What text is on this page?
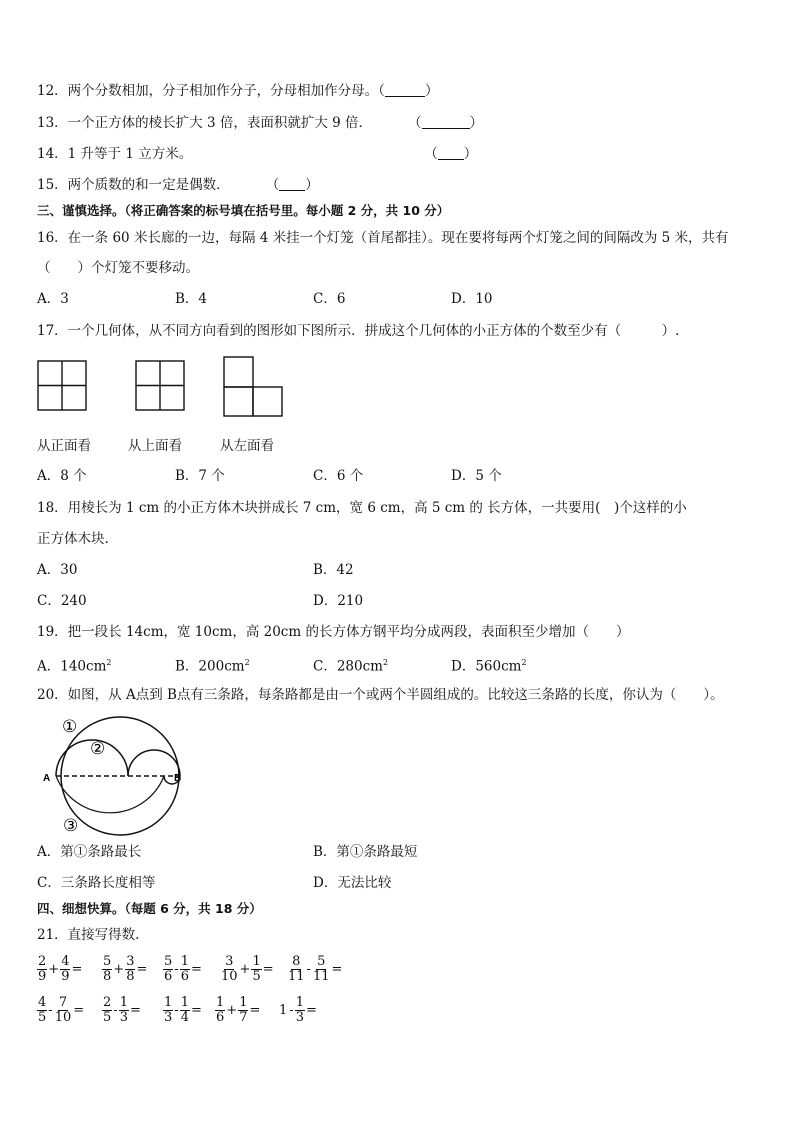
12．两个分数相加，分子相加作分子，分母相加作分母。（	）
13．一个正方体的棱长扩大 3 倍，表面积就扩大 9 倍．	（	）
14．1 升等于 1 立方米。	（ ）
15．两个质数的和一定是偶数．	（ ）
三、谨慎选择。（将正确答案的标号填在括号里。每小题 2 分，共 10 分）
16．在一条 60 米长廊的一边，每隔 4 米挂一个灯笼（首尾都挂）。现在要将每两个灯笼之间的间隔改为 5 米，共有
（　　）个灯笼不要移动。
A．3	B．4	C．6	D．10
17．一个几何体，从不同方向看到的图形如下图所示．拼成这个几何体的小正方体的个数至少有（　　　）.
从正面看	从上面看	从左面看
A．8 个	B．7 个	C．6 个	D．5 个
18．用棱长为 1 cm 的小正方体木块拼成长 7 cm，宽 6 cm，高 5 cm 的 长方体，一共要用(　)个这样的小
正方体木块.
A．30	B．42
C．240	D．210
19．把一段长 14cm，宽 10cm，高 20cm 的长方体方钢平均分成两段，表面积至少增加（　　）
A．$140cm^2$	B．$200cm^2$	C．$280cm^2$	D．$560cm^2$
20．如图，从 A点到 B点有三条路，每条路都是由一个或两个半圆组成的。比较这三条路的长度，你认为（　　）。
A	B
①
②
③
A．第①条路最长	B．第①条路最短
C．三条路长度相等	D．无法比较
四、细想快算。（每题 6 分，共 18 分）
21．直接写得数.
$\frac{2}{9} + \frac{4}{9} = \frac{5}{8} + \frac{3}{8} = \frac{5}{6} - \frac{1}{6} = \frac{3}{10} + \frac{1}{5} = \frac{8}{11} - \frac{5}{11}$ =
$\frac{4}{5} - \frac{7}{10} = \frac{2}{5} - \frac{1}{3} = \frac{1}{3} - \frac{1}{4} = \frac{1}{6} + \frac{1}{7} = 1 - \frac{1}{3}$ =
